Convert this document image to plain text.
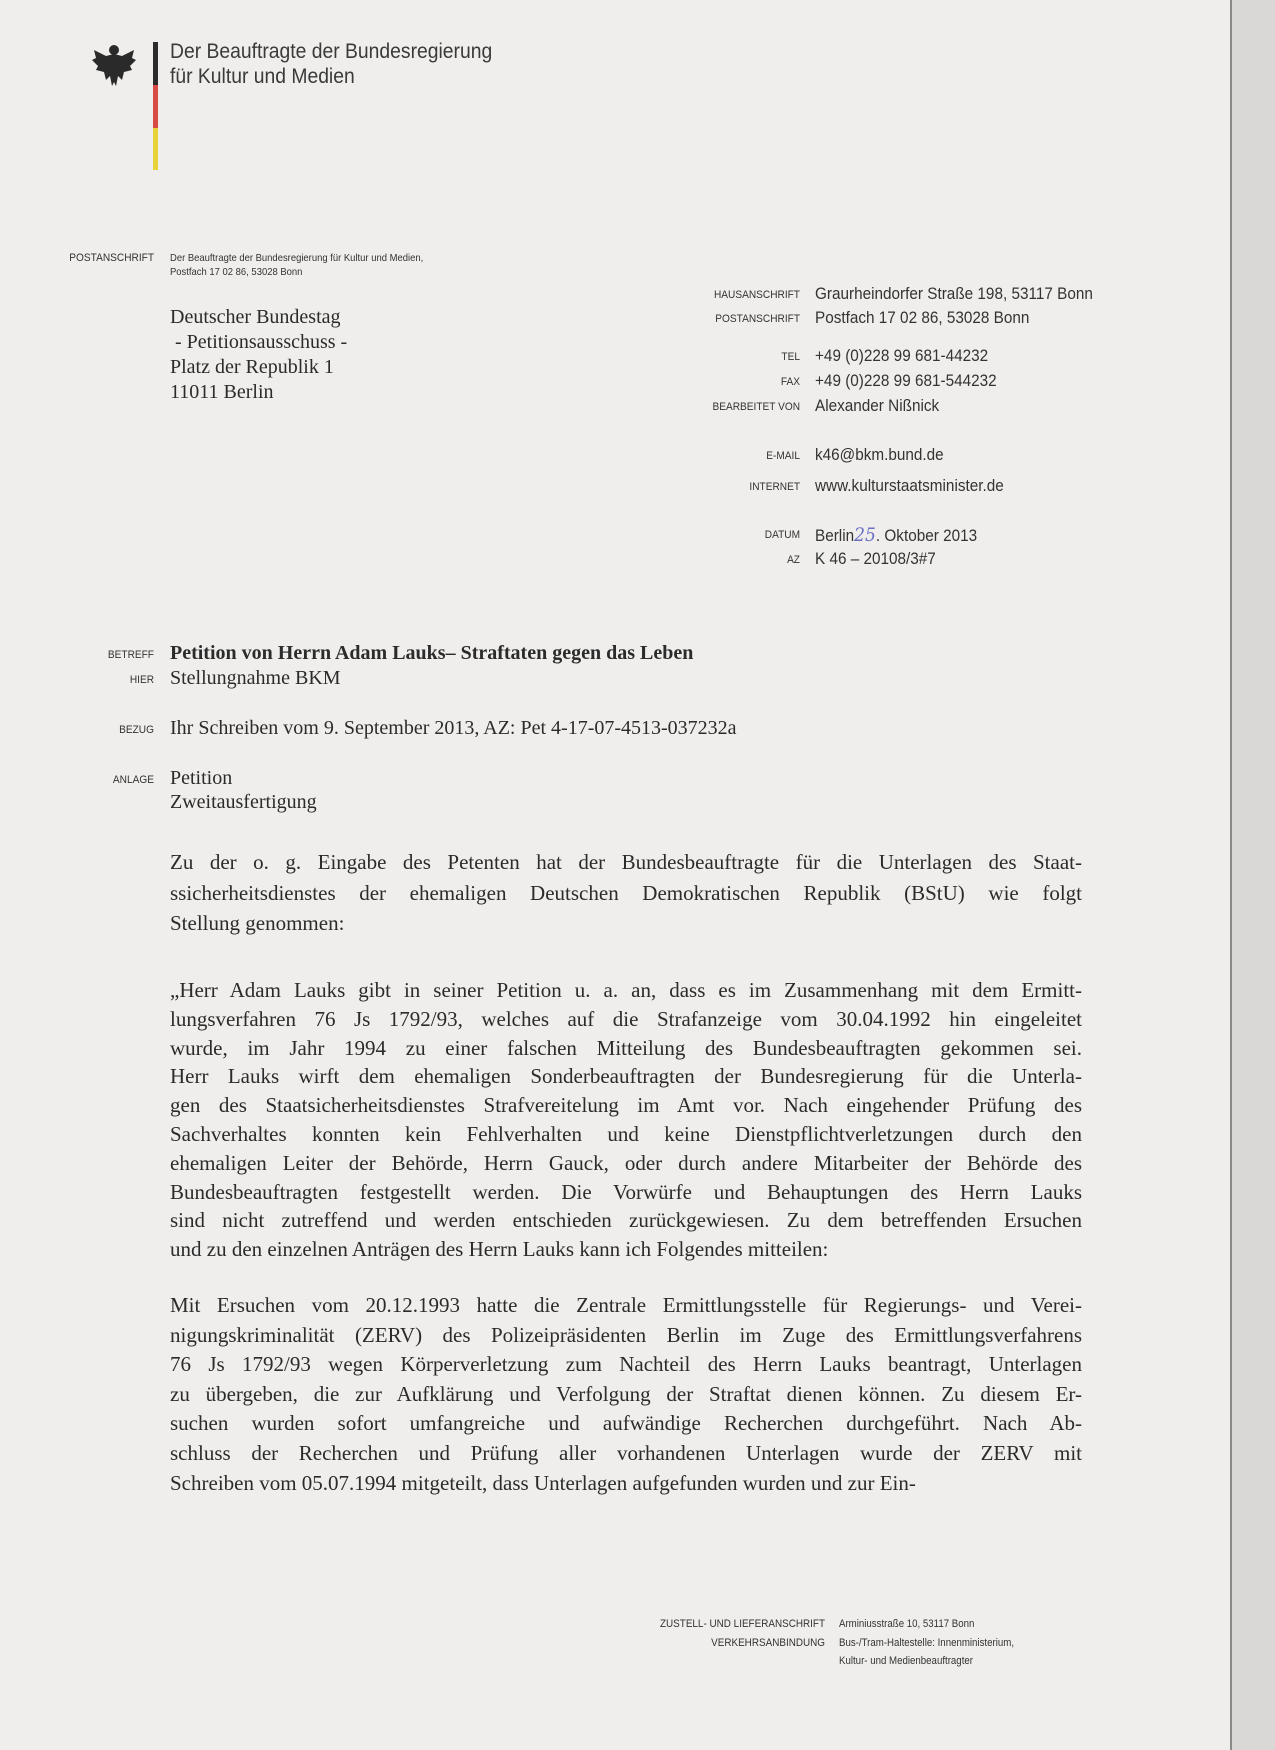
Der Beauftragte der Bundesregierung
für Kultur und Medien
POSTANSCHRIFT Der Beauftragte der Bundesregierung für Kultur und Medien,
Postfach 17 02 86, 53028 Bonn
Deutscher Bundestag
- Petitionsausschuss -
Platz der Republik 1
11011 Berlin
HAUSANSCHRIFT Graurheindorfer Straße 198, 53117 Bonn
POSTANSCHRIFT Postfach 17 02 86, 53028 Bonn
TEL +49 (0)228 99 681-44232
FAX +49 (0)228 99 681-544232
BEARBEITET VON Alexander Nißnick
E-MAIL k46@bkm.bund.de
INTERNET www.kulturstaatsminister.de
DATUM Berlin25. Oktober 2013
AZ K 46 – 20108/3#7
BETREFF Petition von Herrn Adam Lauks– Straftaten gegen das Leben
HIER Stellungnahme BKM
BEZUG Ihr Schreiben vom 9. September 2013, AZ: Pet 4-17-07-4513-037232a
ANLAGE Petition
Zweitausfertigung
Zu der o. g. Eingabe des Petenten hat der Bundesbeauftragte für die Unterlagen des Staat-
ssicherheitsdienstes der ehemaligen Deutschen Demokratischen Republik (BStU) wie folgt
Stellung genommen:
„Herr Adam Lauks gibt in seiner Petition u. a. an, dass es im Zusammenhang mit dem Ermitt-
lungsverfahren 76 Js 1792/93, welches auf die Strafanzeige vom 30.04.1992 hin eingeleitet
wurde, im Jahr 1994 zu einer falschen Mitteilung des Bundesbeauftragten gekommen sei.
Herr Lauks wirft dem ehemaligen Sonderbeauftragten der Bundesregierung für die Unterla-
gen des Staatsicherheitsdienstes Strafvereitelung im Amt vor. Nach eingehender Prüfung des
Sachverhaltes konnten kein Fehlverhalten und keine Dienstpflichtverletzungen durch den
ehemaligen Leiter der Behörde, Herrn Gauck, oder durch andere Mitarbeiter der Behörde des
Bundesbeauftragten festgestellt werden. Die Vorwürfe und Behauptungen des Herrn Lauks
sind nicht zutreffend und werden entschieden zurückgewiesen. Zu dem betreffenden Ersuchen
und zu den einzelnen Anträgen des Herrn Lauks kann ich Folgendes mitteilen:
Mit Ersuchen vom 20.12.1993 hatte die Zentrale Ermittlungsstelle für Regierungs- und Verei-
nigungskriminalität (ZERV) des Polizeipräsidenten Berlin im Zuge des Ermittlungsverfahrens
76 Js 1792/93 wegen Körperverletzung zum Nachteil des Herrn Lauks beantragt, Unterlagen
zu übergeben, die zur Aufklärung und Verfolgung der Straftat dienen können. Zu diesem Er-
suchen wurden sofort umfangreiche und aufwändige Recherchen durchgeführt. Nach Ab-
schluss der Recherchen und Prüfung aller vorhandenen Unterlagen wurde der ZERV mit
Schreiben vom 05.07.1994 mitgeteilt, dass Unterlagen aufgefunden wurden und zur Ein-
ZUSTELL- UND LIEFERANSCHRIFT Arminiusstraße 10, 53117 Bonn
VERKEHRSANBINDUNG Bus-/Tram-Haltestelle: Innenministerium,
Kultur- und Medienbeauftragter
